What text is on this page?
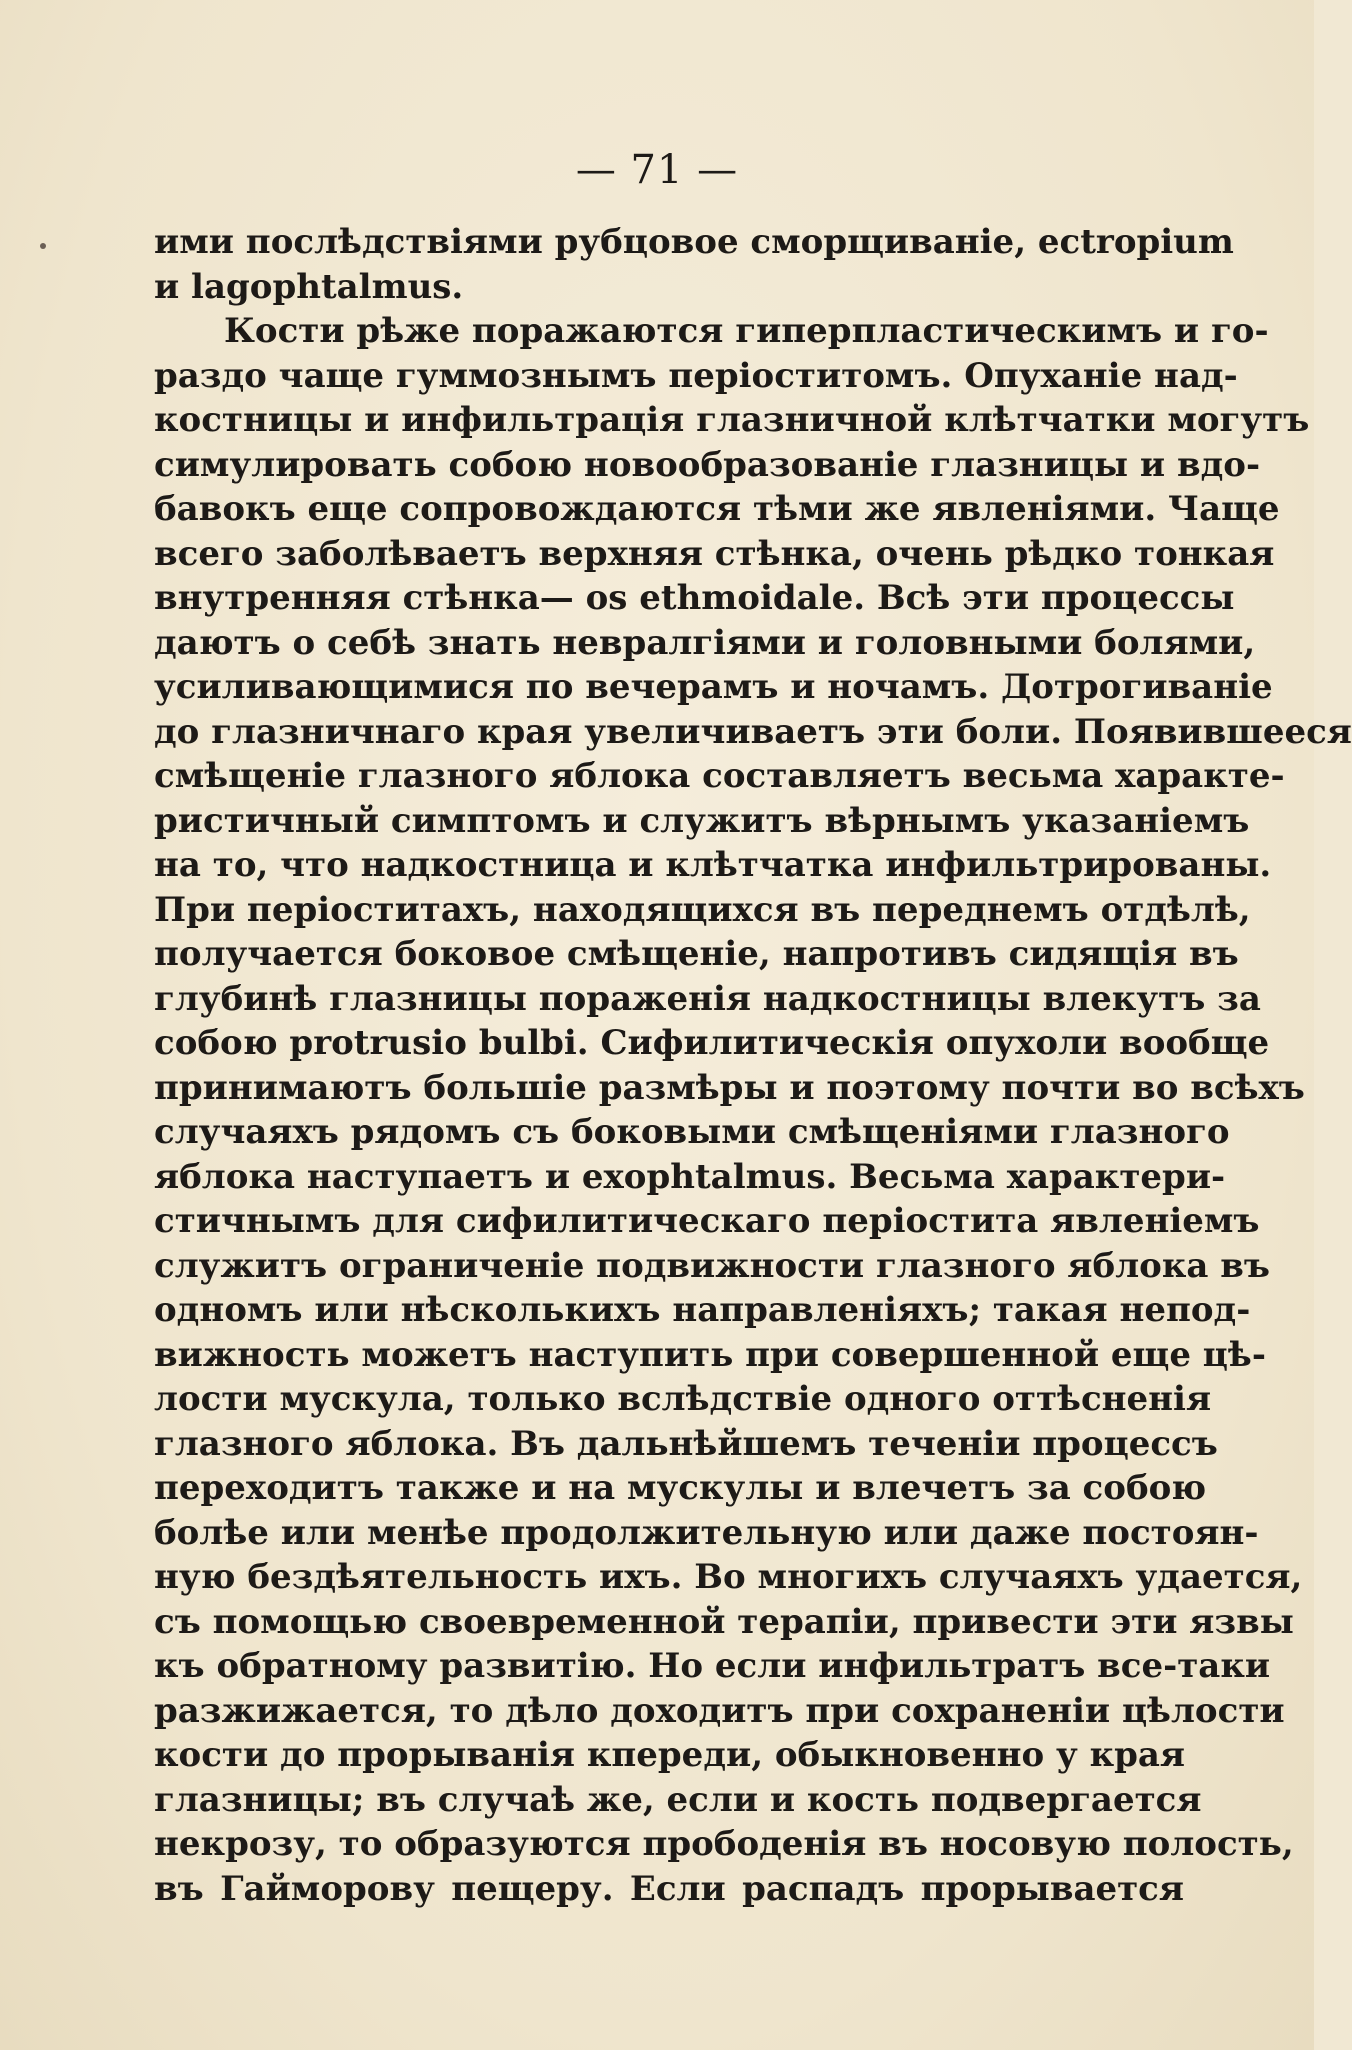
— 71 —
ими послѣдствіями рубцовое сморщиваніе, ectropium
и lagophtalmus.
Кости рѣже поражаются гиперпластическимъ и го-
раздо чаще гуммознымъ періоститомъ. Опуханіе над-
костницы и инфильтрація глазничной клѣтчатки могутъ
симулировать собою новообразованіе глазницы и вдо-
бавокъ еще сопровождаются тѣми же явленіями. Чаще
всего заболѣваетъ верхняя стѣнка, очень рѣдко тонкая
внутренняя стѣнка— os ethmoidale. Всѣ эти процессы
даютъ о себѣ знать невралгіями и головными болями,
усиливающимися по вечерамъ и ночамъ. Дотрогиваніе
до глазничнаго края увеличиваетъ эти боли. Появившееся
смѣщеніе глазного яблока составляетъ весьма характе-
ристичный симптомъ и служитъ вѣрнымъ указаніемъ
на то, что надкостница и клѣтчатка инфильтрированы.
При періоститахъ, находящихся въ переднемъ отдѣлѣ,
получается боковое смѣщеніе, напротивъ сидящія въ
глубинѣ глазницы пораженія надкостницы влекутъ за
собою protrusio bulbi. Сифилитическія опухоли вообще
принимаютъ большіе размѣры и поэтому почти во всѣхъ
случаяхъ рядомъ съ боковыми смѣщеніями глазного
яблока наступаетъ и exophtalmus. Весьма характери-
стичнымъ для сифилитическаго періостита явленіемъ
служитъ ограниченіе подвижности глазного яблока въ
одномъ или нѣсколькихъ направленіяхъ; такая непод-
вижность можетъ наступить при совершенной еще цѣ-
лости мускула, только вслѣдствіе одного оттѣсненія
глазного яблока. Въ дальнѣйшемъ теченіи процессъ
переходитъ также и на мускулы и влечетъ за собою
болѣе или менѣе продолжительную или даже постоян-
ную бездѣятельность ихъ. Во многихъ случаяхъ удается,
съ помощью своевременной терапіи, привести эти язвы
къ обратному развитію. Но если инфильтратъ все-таки
разжижается, то дѣло доходитъ при сохраненіи цѣлости
кости до прорыванія кпереди, обыкновенно у края
глазницы; въ случаѣ же, если и кость подвергается
некрозу, то образуются прободенія въ носовую полость,
въ Гайморову пещеру. Если распадъ прорывается
